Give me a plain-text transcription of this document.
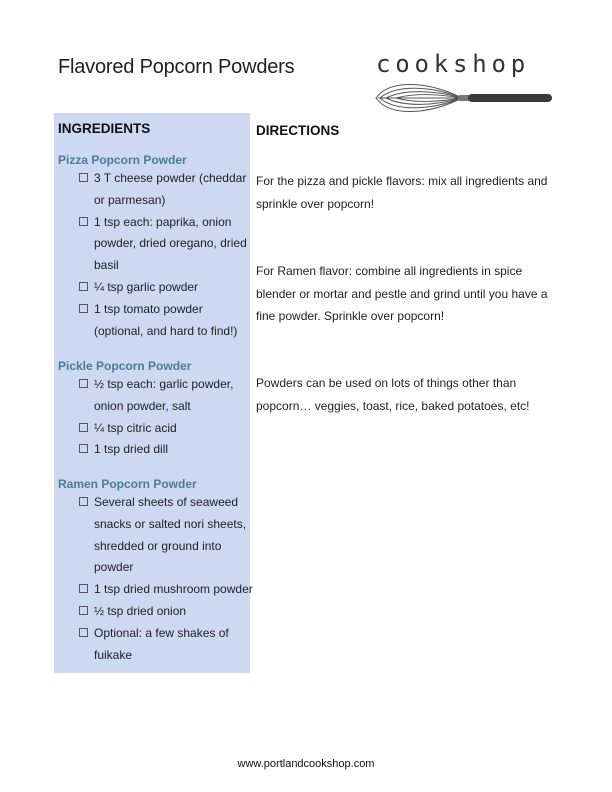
Flavored Popcorn Powders	cookshop
INGREDIENTS
Pizza Popcorn Powder
3 T cheese powder (cheddar
or parmesan)
1 tsp each: paprika, onion
powder, dried oregano, dried
basil
¼ tsp garlic powder
1 tsp tomato powder
(optional, and hard to find!)
Pickle Popcorn Powder
½ tsp each: garlic powder,
onion powder, salt
¼ tsp citric acid
1 tsp dried dill
Ramen Popcorn Powder
Several sheets of seaweed
snacks or salted nori sheets,
shredded or ground into
powder
1 tsp dried mushroom powder
½ tsp dried onion
Optional: a few shakes of
fuikake
DIRECTIONS
For the pizza and pickle flavors: mix all ingredients and
sprinkle over popcorn!
For Ramen flavor: combine all ingredients in spice
blender or mortar and pestle and grind until you have a
fine powder. Sprinkle over popcorn!
Powders can be used on lots of things other than
popcorn… veggies, toast, rice, baked potatoes, etc!
www.portlandcookshop.com
